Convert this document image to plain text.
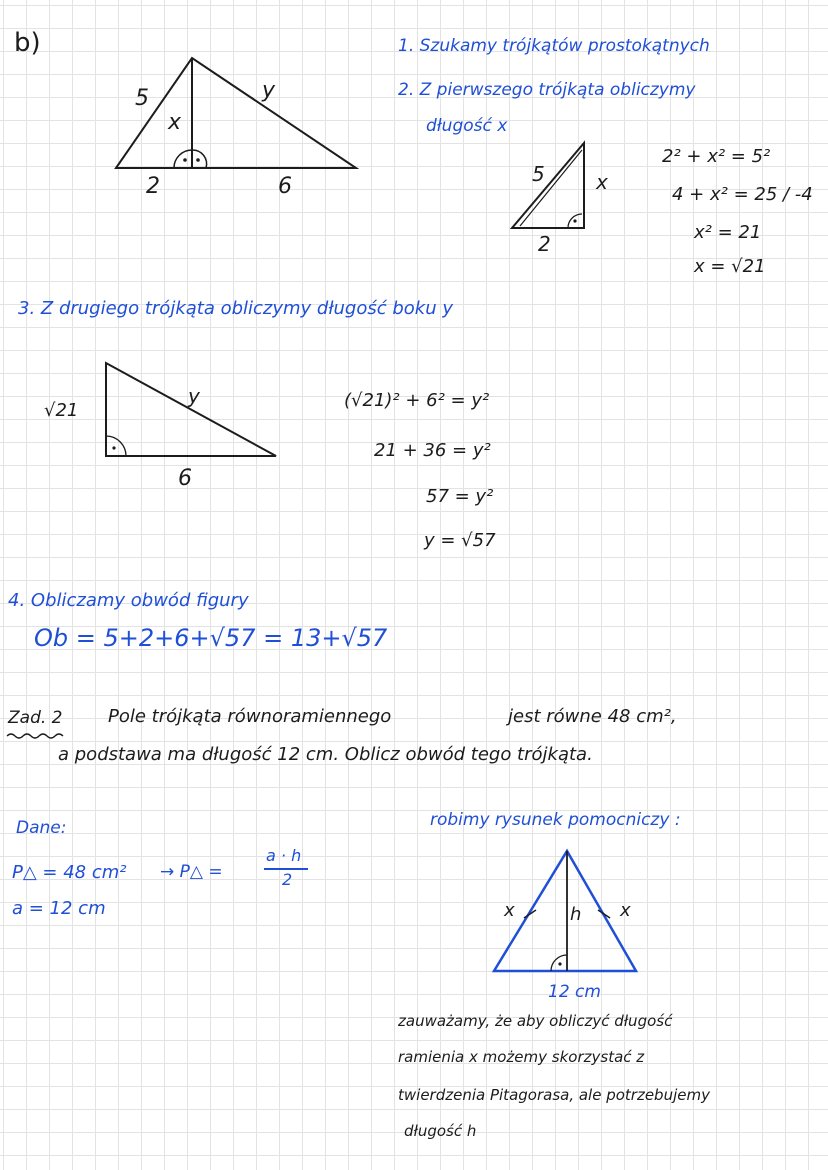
b)
5	y
x
2	6
1. Szukamy trójkątów prostokątnych
2. Z pierwszego trójkąta obliczymy
długość x
5	x
2
2² + x² = 5²
4 + x² = 25 / -4
x² = 21
x = √21
3. Z drugiego trójkąta obliczymy długość boku y
√21
y
6
(√21)² + 6² = y²
21 + 36 = y²
57 = y²
y = √57
4. Obliczamy obwód figury
Ob = 5+2+6+√57 = 13+√57
Zad. 2	Pole trójkąta równoramiennego	jest równe 48 cm²,
a podstawa ma długość 12 cm. Oblicz obwód tego trójkąta.
Dane:
P△ = 48 cm²
a = 12 cm
→ P△ =
a · h
2
robimy rysunek pomocniczy :
x	h x
12 cm
zauważamy, że aby obliczyć długość
ramienia x możemy skorzystać z
twierdzenia Pitagorasa, ale potrzebujemy
długość h
